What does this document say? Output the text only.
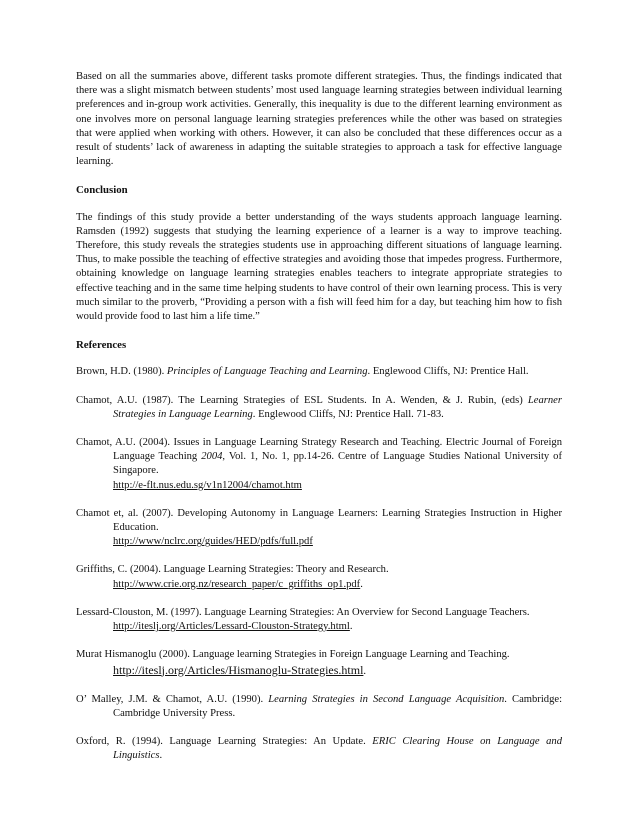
Based on all the summaries above, different tasks promote different strategies. Thus, the findings indicated that there was a slight mismatch between students’ most used language learning strategies between individual learning preferences and in-group work activities. Generally, this inequality is due to the different learning environment as one involves more on personal language learning strategies preferences while the other was based on strategies that were applied when working with others. However, it can also be concluded that these differences occur as a result of students’ lack of awareness in adapting the suitable strategies to approach a task for effective language learning.

Conclusion

The findings of this study provide a better understanding of the ways students approach language learning. Ramsden (1992) suggests that studying the learning experience of a learner is a way to improve teaching. Therefore, this study reveals the strategies students use in approaching different situations of language learning. Thus, to make possible the teaching of effective strategies and avoiding those that impedes progress. Furthermore, obtaining knowledge on language learning strategies enables teachers to integrate appropriate strategies to effective teaching and in the same time helping students to have control of their own learning process. This is very much similar to the proverb, “Providing a person with a fish will feed him for a day, but teaching him how to fish would provide food to last him a life time.”

References

Brown, H.D. (1980). Principles of Language Teaching and Learning. Englewood Cliffs, NJ: Prentice Hall.

Chamot, A.U. (1987). The Learning Strategies of ESL Students. In A. Wenden, & J. Rubin, (eds) Learner Strategies in Language Learning. Englewood Cliffs, NJ: Prentice Hall. 71-83.

Chamot, A.U. (2004). Issues in Language Learning Strategy Research and Teaching. Electric Journal of Foreign Language Teaching 2004, Vol. 1, No. 1, pp.14-26. Centre of Language Studies National University of Singapore.
http://e-flt.nus.edu.sg/v1n12004/chamot.htm

Chamot et, al. (2007). Developing Autonomy in Language Learners: Learning Strategies Instruction in Higher Education.
http://www/nclrc.org/guides/HED/pdfs/full.pdf

Griffiths, C. (2004). Language Learning Strategies: Theory and Research.
http://www.crie.org.nz/research_paper/c_griffiths_op1.pdf.

Lessard-Clouston, M. (1997). Language Learning Strategies: An Overview for Second Language Teachers.
http://iteslj.org/Articles/Lessard-Clouston-Strategy.html.

Murat Hismanoglu (2000). Language learning Strategies in Foreign Language Learning and Teaching.
http://iteslj.org/Articles/Hismanoglu-Strategies.html.

O’ Malley, J.M. & Chamot, A.U. (1990). Learning Strategies in Second Language Acquisition. Cambridge: Cambridge University Press.

Oxford, R. (1994). Language Learning Strategies: An Update. ERIC Clearing House on Language and Linguistics.
